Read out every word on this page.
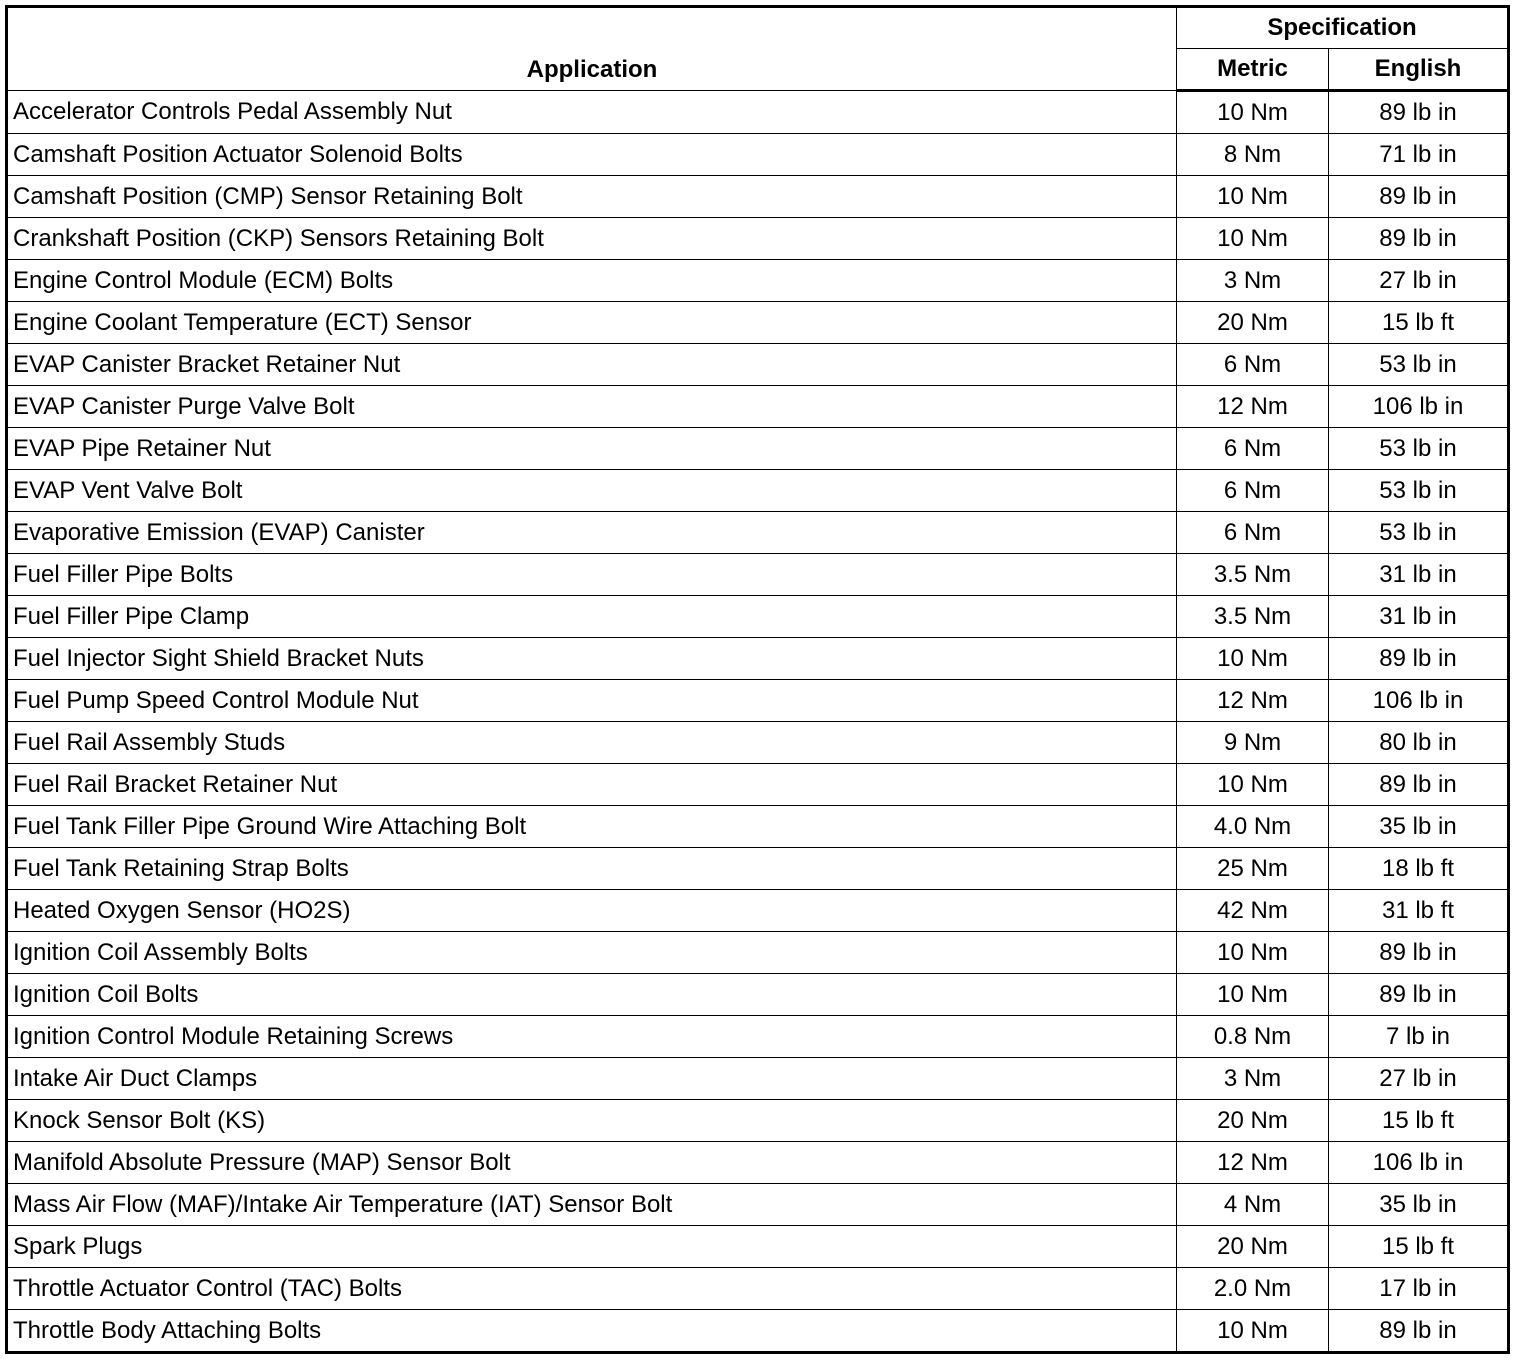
Application	Specification	
	Metric	English
Accelerator Controls Pedal Assembly Nut	10 Nm	89 lb in
Camshaft Position Actuator Solenoid Bolts	8 Nm	71 lb in
Camshaft Position (CMP) Sensor Retaining Bolt	10 Nm	89 lb in
Crankshaft Position (CKP) Sensors Retaining Bolt	10 Nm	89 lb in
Engine Control Module (ECM) Bolts	3 Nm	27 lb in
Engine Coolant Temperature (ECT) Sensor	20 Nm	15 lb ft
EVAP Canister Bracket Retainer Nut	6 Nm	53 lb in
EVAP Canister Purge Valve Bolt	12 Nm	106 lb in
EVAP Pipe Retainer Nut	6 Nm	53 lb in
EVAP Vent Valve Bolt	6 Nm	53 lb in
Evaporative Emission (EVAP) Canister	6 Nm	53 lb in
Fuel Filler Pipe Bolts	3.5 Nm	31 lb in
Fuel Filler Pipe Clamp	3.5 Nm	31 lb in
Fuel Injector Sight Shield Bracket Nuts	10 Nm	89 lb in
Fuel Pump Speed Control Module Nut	12 Nm	106 lb in
Fuel Rail Assembly Studs	9 Nm	80 lb in
Fuel Rail Bracket Retainer Nut	10 Nm	89 lb in
Fuel Tank Filler Pipe Ground Wire Attaching Bolt	4.0 Nm	35 lb in
Fuel Tank Retaining Strap Bolts	25 Nm	18 lb ft
Heated Oxygen Sensor (HO2S)	42 Nm	31 lb ft
Ignition Coil Assembly Bolts	10 Nm	89 lb in
Ignition Coil Bolts	10 Nm	89 lb in
Ignition Control Module Retaining Screws	0.8 Nm	7 lb in
Intake Air Duct Clamps	3 Nm	27 lb in
Knock Sensor Bolt (KS)	20 Nm	15 lb ft
Manifold Absolute Pressure (MAP) Sensor Bolt	12 Nm	106 lb in
Mass Air Flow (MAF)/Intake Air Temperature (IAT) Sensor Bolt	4 Nm	35 lb in
Spark Plugs	20 Nm	15 lb ft
Throttle Actuator Control (TAC) Bolts	2.0 Nm	17 lb in
Throttle Body Attaching Bolts	10 Nm	89 lb in
